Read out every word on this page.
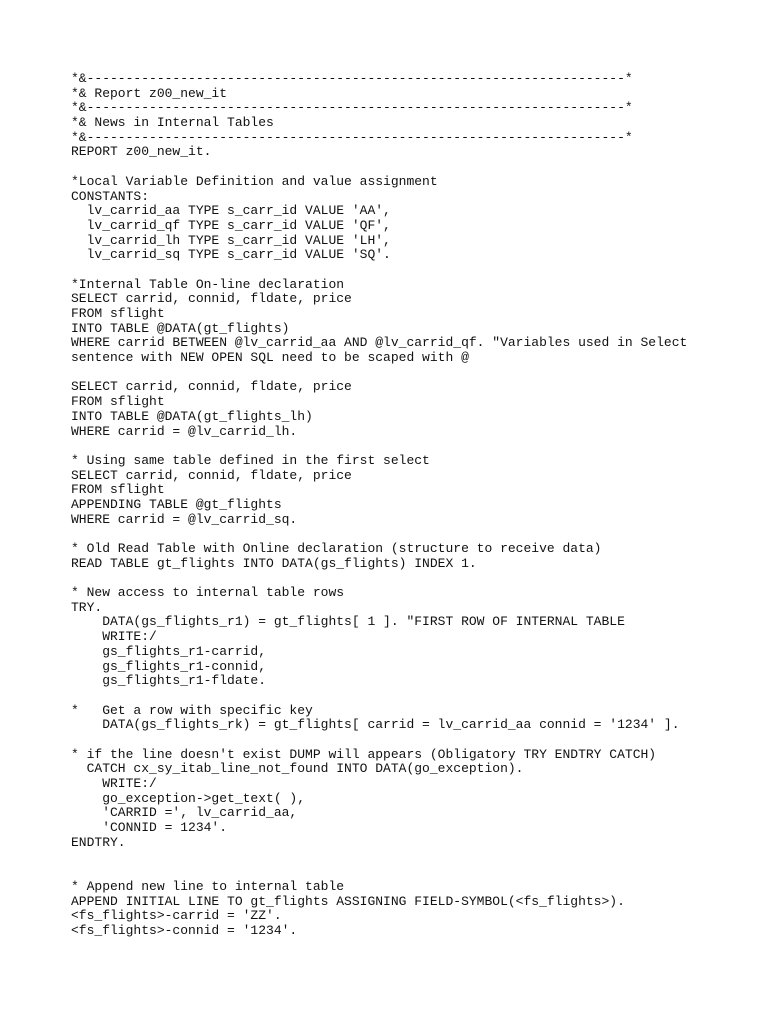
*&---------------------------------------------------------------------*
*& Report z00_new_it
*&---------------------------------------------------------------------*
*& News in Internal Tables
*&---------------------------------------------------------------------*
REPORT z00_new_it.
*Local Variable Definition and value assignment
CONSTANTS:
lv_carrid_aa TYPE s_carr_id VALUE 'AA',
lv_carrid_qf TYPE s_carr_id VALUE 'QF',
lv_carrid_lh TYPE s_carr_id VALUE 'LH',
lv_carrid_sq TYPE s_carr_id VALUE 'SQ'.
*Internal Table On-line declaration
SELECT carrid, connid, fldate, price
FROM sflight
INTO TABLE @DATA(gt_flights)
WHERE carrid BETWEEN @lv_carrid_aa AND @lv_carrid_qf. "Variables used in Select
sentence with NEW OPEN SQL need to be scaped with @
SELECT carrid, connid, fldate, price
FROM sflight
INTO TABLE @DATA(gt_flights_lh)
WHERE carrid = @lv_carrid_lh.
* Using same table defined in the first select
SELECT carrid, connid, fldate, price
FROM sflight
APPENDING TABLE @gt_flights
WHERE carrid = @lv_carrid_sq.
* Old Read Table with Online declaration (structure to receive data)
READ TABLE gt_flights INTO DATA(gs_flights) INDEX 1.
* New access to internal table rows
TRY.
DATA(gs_flights_r1) = gt_flights[ 1 ]. "FIRST ROW OF INTERNAL TABLE
WRITE:/
gs_flights_r1-carrid,
gs_flights_r1-connid,
gs_flights_r1-fldate.
*   Get a row with specific key
DATA(gs_flights_rk) = gt_flights[ carrid = lv_carrid_aa connid = '1234' ].
* if the line doesn't exist DUMP will appears (Obligatory TRY ENDTRY CATCH)
CATCH cx_sy_itab_line_not_found INTO DATA(go_exception).
WRITE:/
go_exception->get_text( ),
'CARRID =', lv_carrid_aa,
'CONNID = 1234'.
ENDTRY.
* Append new line to internal table
APPEND INITIAL LINE TO gt_flights ASSIGNING FIELD-SYMBOL(<fs_flights>).
<fs_flights>-carrid = 'ZZ'.
<fs_flights>-connid = '1234'.
